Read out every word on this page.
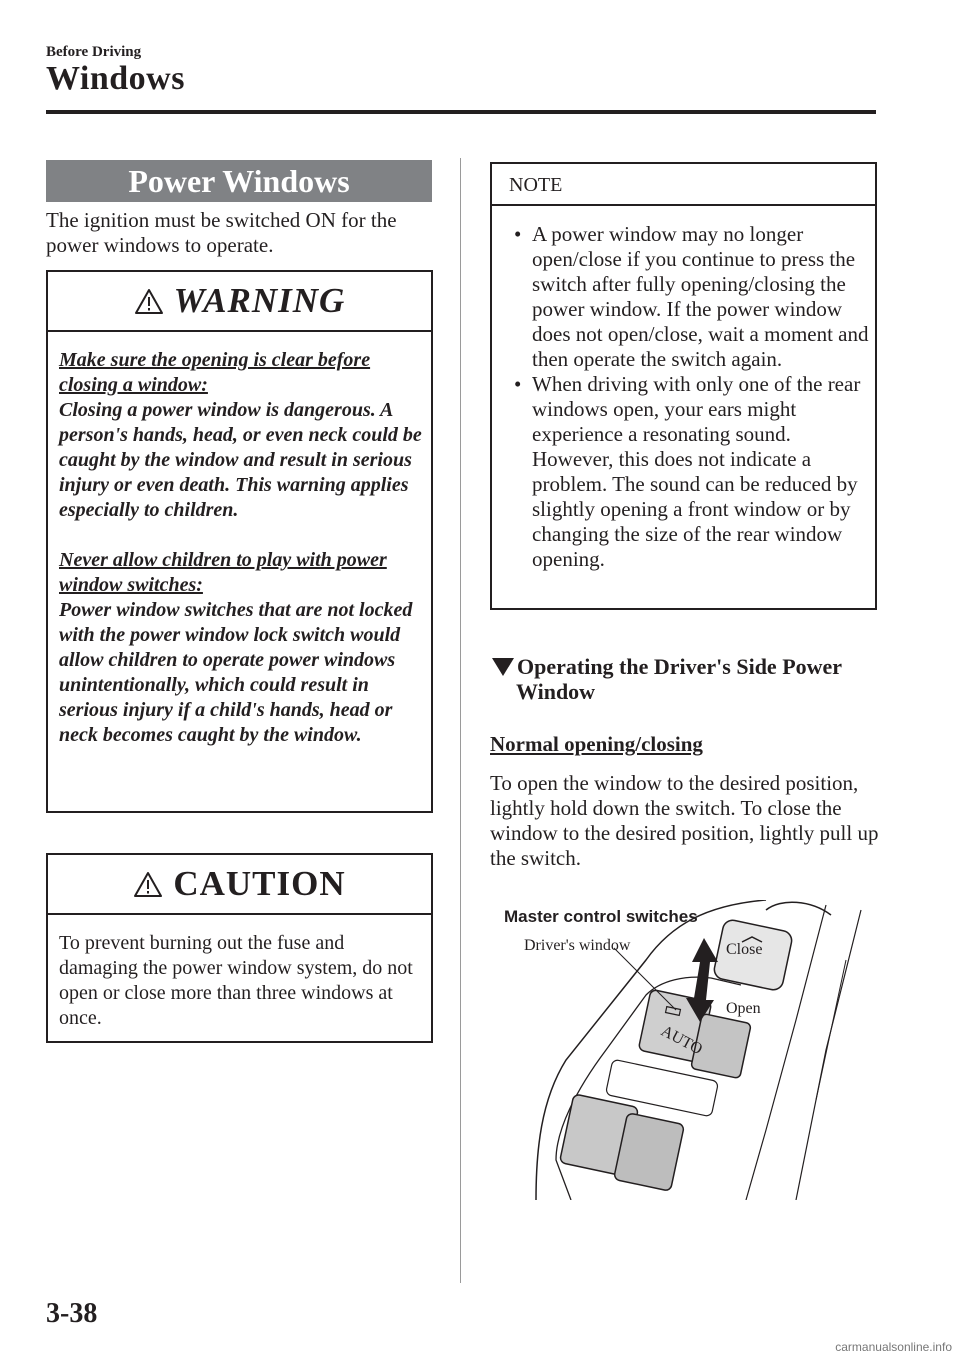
Before Driving
Windows
Power Windows
The ignition must be switched ON for the power windows to operate.
WARNING

Make sure the opening is clear before closing a window:

Closing a power window is dangerous. A person's hands, head, or even neck could be caught by the window and result in serious injury or even death. This warning applies especially to children.

Never allow children to play with power window switches:

Power window switches that are not locked with the power window lock switch would allow children to operate power windows unintentionally, which could result in serious injury if a child's hands, head or neck becomes caught by the window.

CAUTION
To prevent burning out the fuse and damaging the power window system, do not open or close more than three windows at once.
NOTE
• A power window may no longer open/close if you continue to press the switch after fully opening/closing the power window. If the power window does not open/close, wait a moment and then operate the switch again.
• When driving with only one of the rear windows open, your ears might experience a resonating sound. However, this does not indicate a problem. The sound can be reduced by slightly opening a front window or by changing the size of the rear window opening.
Operating the Driver's Side Power
Window
Normal opening/closing
To open the window to the desired position, lightly hold down the switch. To close the window to the desired position, lightly pull up the switch.
Master control switches
Driver's window	Close
Open
AUTO
3-38
carmanualsonline.info
